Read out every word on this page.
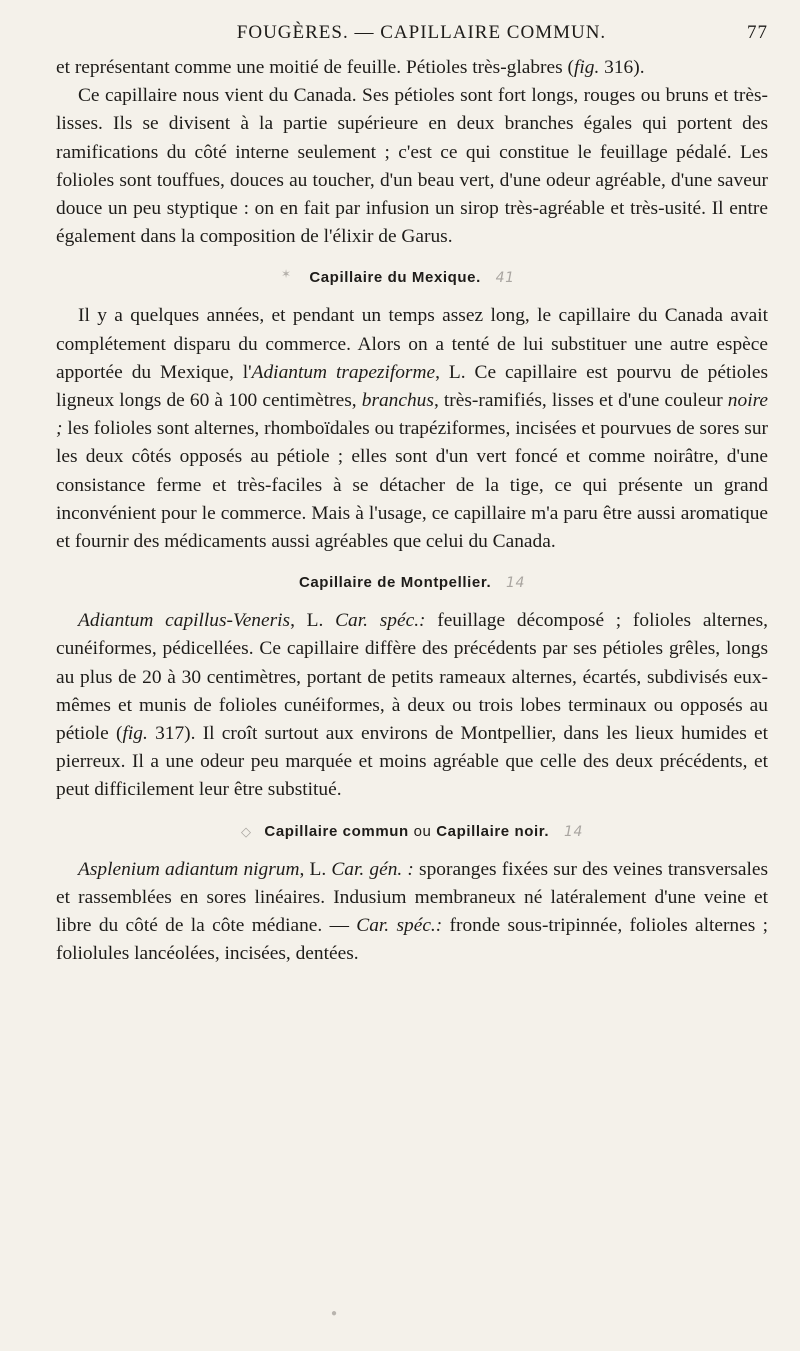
FOUGÈRES. — CAPILLAIRE COMMUN.	77

et représentant comme une moitié de feuille. Pétioles très-glabres (fig. 316).

Ce capillaire nous vient du Canada. Ses pétioles sont fort longs, rouges ou bruns et très-lisses. Ils se divisent à la partie supérieure en deux branches égales qui portent des ramifications du côté interne seulement ; c'est ce qui constitue le feuillage pédalé. Les folioles sont touffues, douces au toucher, d'un beau vert, d'une odeur agréable, d'une saveur douce un peu styptique : on en fait par infusion un sirop très-agréable et très-usité. Il entre également dans la composition de l'élixir de Garus.

✶ Capillaire du Mexique. 41

Il y a quelques années, et pendant un temps assez long, le capillaire du Canada avait complétement disparu du commerce. Alors on a tenté de lui substituer une autre espèce apportée du Mexique, l'Adiantum trapeziforme, L. Ce capillaire est pourvu de pétioles ligneux longs de 60 à 100 centimètres, branchus, très-ramifiés, lisses et d'une couleur noire ; les folioles sont alternes, rhomboïdales ou trapéziformes, incisées et pourvues de sores sur les deux côtés opposés au pétiole ; elles sont d'un vert foncé et comme noirâtre, d'une consistance ferme et très-faciles à se détacher de la tige, ce qui présente un grand inconvénient pour le commerce. Mais à l'usage, ce capillaire m'a paru être aussi aromatique et fournir des médicaments aussi agréables que celui du Canada.

Capillaire de Montpellier. 14

Adiantum capillus-Veneris, L. Car. spéc.: feuillage décomposé ; folioles alternes, cunéiformes, pédicellées. Ce capillaire diffère des précédents par ses pétioles grêles, longs au plus de 20 à 30 centimètres, portant de petits rameaux alternes, écartés, subdivisés eux-mêmes et munis de folioles cunéiformes, à deux ou trois lobes terminaux ou opposés au pétiole (fig. 317). Il croît surtout aux environs de Montpellier, dans les lieux humides et pierreux. Il a une odeur peu marquée et moins agréable que celle des deux précédents, et peut difficilement leur être substitué.

◇ Capillaire commun ou Capillaire noir. 14

Asplenium adiantum nigrum, L. Car. gén. : sporanges fixées sur des veines transversales et rassemblées en sores linéaires. Indusium membraneux né latéralement d'une veine et libre du côté de la côte médiane. — Car. spéc.: fronde sous-tripinnée, folioles alternes ; foliolules lancéolées, incisées, dentées.

●
